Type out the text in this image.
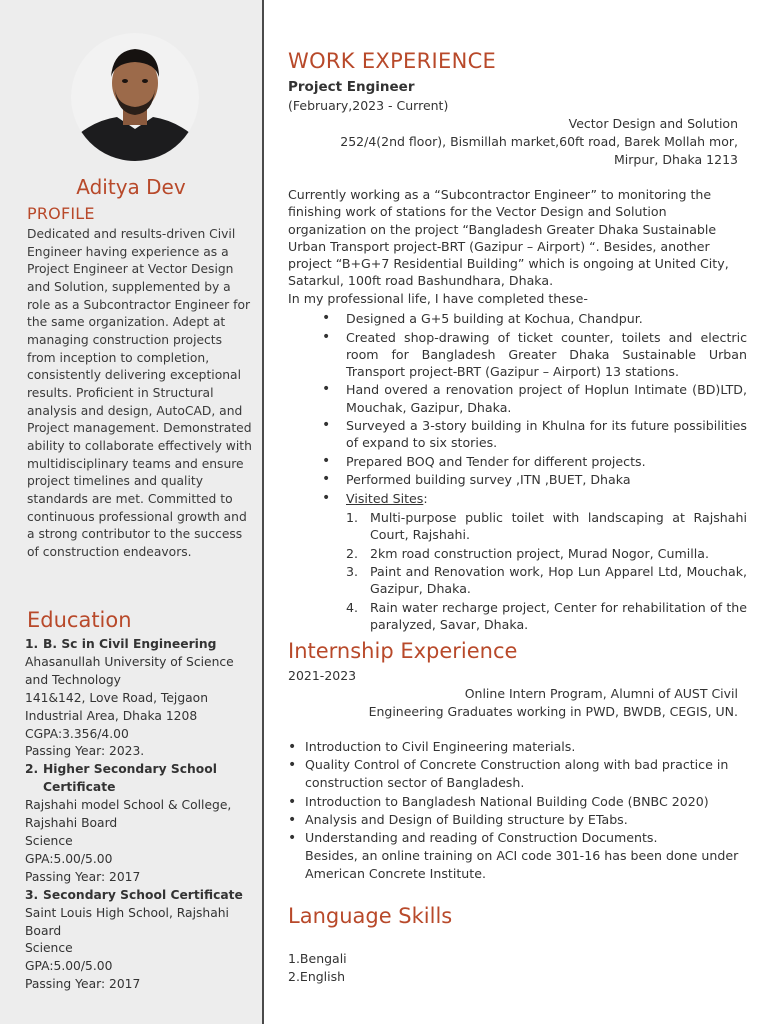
Aditya Dev
PROFILE
Dedicated and results-driven Civil Engineer having experience as a Project Engineer at Vector Design and Solution, supplemented by a role as a Subcontractor Engineer for the same organization. Adept at managing construction projects from inception to completion, consistently delivering exceptional results. Proficient in Structural analysis and design, AutoCAD, and Project management. Demonstrated ability to collaborate effectively with multidisciplinary teams and ensure project timelines and quality standards are met. Committed to continuous professional growth and a strong contributor to the success of construction endeavors.
Education
1. B. Sc in Civil Engineering
Ahasanullah University of Science and Technology
141&142, Love Road, Tejgaon Industrial Area, Dhaka 1208
CGPA:3.356/4.00
Passing Year: 2023.
2. Higher Secondary School
Certificate
Rajshahi model School & College, Rajshahi Board
Science
GPA:5.00/5.00
Passing Year: 2017
3. Secondary School Certificate
Saint Louis High School, Rajshahi Board
Science
GPA:5.00/5.00
Passing Year: 2017
WORK EXPERIENCE
Project Engineer
(February,2023 - Current)
Vector Design and Solution
252/4(2nd floor), Bismillah market,60ft road, Barek Mollah mor,
Mirpur, Dhaka 1213
Currently working as a “Subcontractor Engineer” to monitoring the finishing work of stations for the Vector Design and Solution organization on the project “Bangladesh Greater Dhaka Sustainable Urban Transport project-BRT (Gazipur – Airport) “. Besides, another project “B+G+7 Residential Building” which is ongoing at United City, Satarkul, 100ft road Bashundhara, Dhaka.
In my professional life, I have completed these-
• Designed a G+5 building at Kochua, Chandpur.
• Created shop-drawing of ticket counter, toilets and electric room for Bangladesh Greater Dhaka Sustainable Urban Transport project-BRT (Gazipur – Airport) 13 stations.
• Hand overed a renovation project of Hoplun Intimate (BD)LTD, Mouchak, Gazipur, Dhaka.
• Surveyed a 3-story building in Khulna for its future possibilities of expand to six stories.
• Prepared BOQ and Tender for different projects.
• Performed building survey ,ITN ,BUET, Dhaka
• Visited Sites:
1. Multi-purpose public toilet with landscaping at Rajshahi Court, Rajshahi.
2. 2km road construction project, Murad Nogor, Cumilla.
3. Paint and Renovation work, Hop Lun Apparel Ltd, Mouchak, Gazipur, Dhaka.
4. Rain water recharge project, Center for rehabilitation of the paralyzed, Savar, Dhaka.
Internship Experience
2021-2023
Online Intern Program, Alumni of AUST Civil
Engineering Graduates working in PWD, BWDB, CEGIS, UN.
• Introduction to Civil Engineering materials.
• Quality Control of Concrete Construction along with bad practice in construction sector of Bangladesh.
• Introduction to Bangladesh National Building Code (BNBC 2020)
• Analysis and Design of Building structure by ETabs.
• Understanding and reading of Construction Documents.
Besides, an online training on ACI code 301-16 has been done under American Concrete Institute.
Language Skills
1.Bengali
2.English
